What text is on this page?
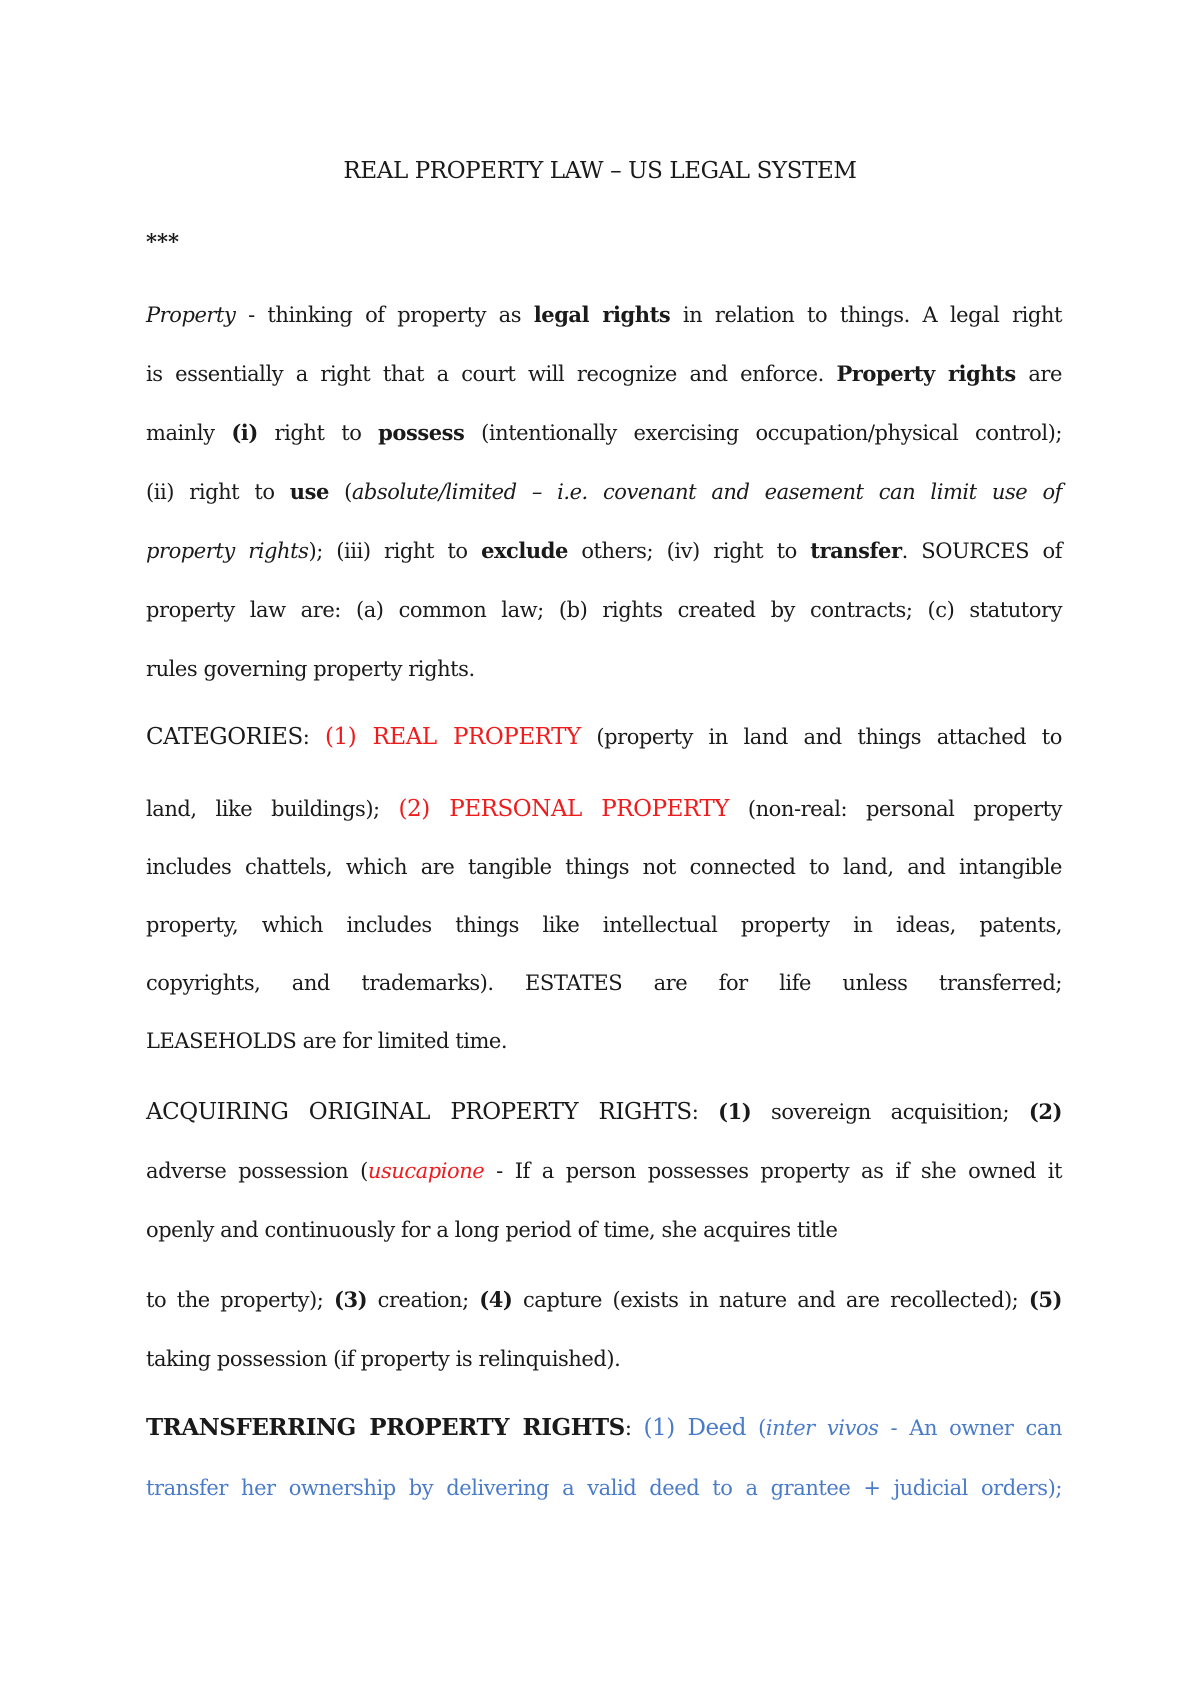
REAL PROPERTY LAW – US LEGAL SYSTEM
***
Property - thinking of property as legal rights in relation to things. A legal right
is essentially a right that a court will recognize and enforce. Property rights are
mainly (i) right to possess (intentionally exercising occupation/physical control);
(ii) right to use (absolute/limited – i.e. covenant and easement can limit use of
property rights); (iii) right to exclude others; (iv) right to transfer. SOURCES of
property law are: (a) common law; (b) rights created by contracts; (c) statutory
rules governing property rights.
CATEGORIES: (1) REAL PROPERTY (property in land and things attached to
land, like buildings); (2) PERSONAL PROPERTY (non-real: personal property
includes chattels, which are tangible things not connected to land, and intangible
property, which includes things like intellectual property in ideas, patents,
copyrights, and trademarks). ESTATES are for life unless transferred;
LEASEHOLDS are for limited time.
ACQUIRING ORIGINAL PROPERTY RIGHTS: (1) sovereign acquisition; (2)
adverse possession (usucapione - If a person possesses property as if she owned it
openly and continuously for a long period of time, she acquires title
to the property); (3) creation; (4) capture (exists in nature and are recollected); (5)
taking possession (if property is relinquished).
TRANSFERRING PROPERTY RIGHTS: (1) Deed (inter vivos - An owner can
transfer her ownership by delivering a valid deed to a grantee + judicial orders);
